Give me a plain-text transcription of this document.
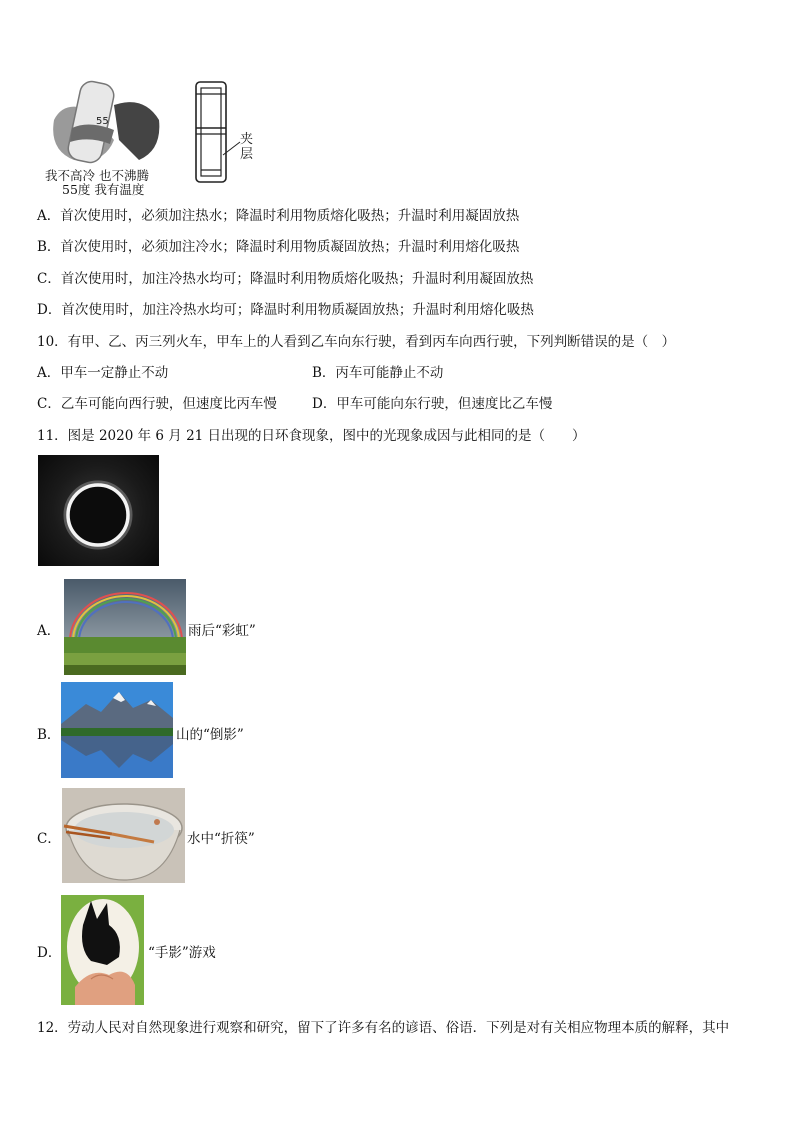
55
我不高冷 也不沸腾
55度 我有温度
夹
层
A．首次使用时，必须加注热水；降温时利用物质熔化吸热；升温时利用凝固放热
B．首次使用时，必须加注冷水；降温时利用物质凝固放热；升温时利用熔化吸热
C．首次使用时，加注冷热水均可；降温时利用物质熔化吸热；升温时利用凝固放热
D．首次使用时，加注冷热水均可；降温时利用物质凝固放热；升温时利用熔化吸热
10．有甲、乙、丙三列火车，甲车上的人看到乙车向东行驶，看到丙车向西行驶，下列判断错误的是（　）
A．甲车一定静止不动	B．丙车可能静止不动
C．乙车可能向西行驶，但速度比丙车慢	D．甲车可能向东行驶，但速度比乙车慢
11．图是 2020 年 6 月 21 日出现的日环食现象，图中的光现象成因与此相同的是（　　）
A．	雨后“彩虹”
B．	山的“倒影”
C．	水中“折筷”
D．	“手影”游戏
12．劳动人民对自然现象进行观察和研究，留下了许多有名的谚语、俗语．下列是对有关相应物理本质的解释，其中
